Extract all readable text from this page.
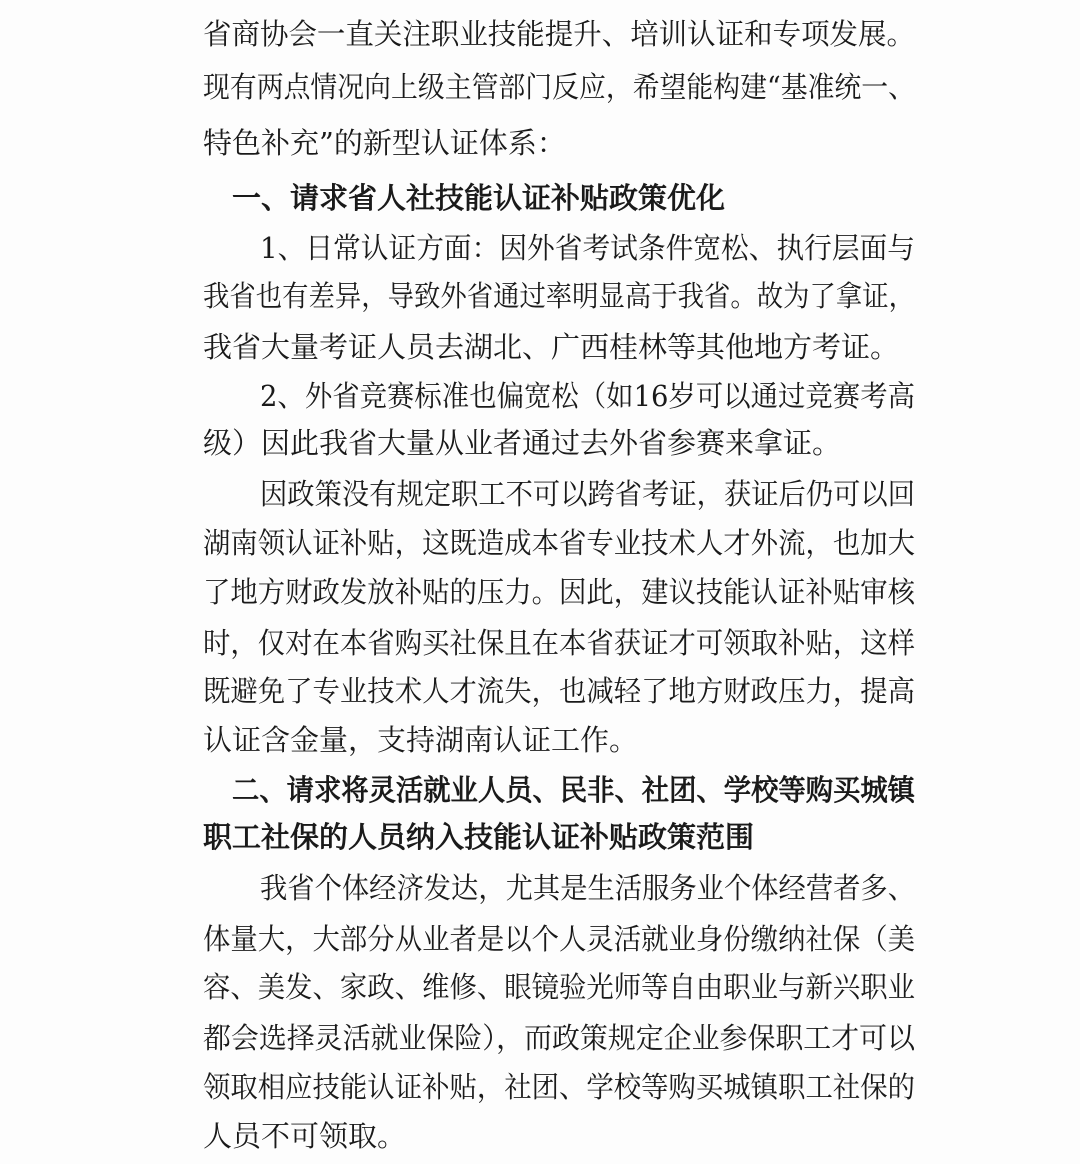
省商协会一直关注职业技能提升、培训认证和专项发展。
现有两点情况向上级主管部门反应，希望能构建“基准统一、
特色补充”的新型认证体系：
一、请求省人社技能认证补贴政策优化
1、日常认证方面：因外省考试条件宽松、执行层面与
我省也有差异，导致外省通过率明显高于我省。故为了拿证，
我省大量考证人员去湖北、广西桂林等其他地方考证。
2、外省竞赛标准也偏宽松（如16岁可以通过竞赛考高
级）因此我省大量从业者通过去外省参赛来拿证。
因政策没有规定职工不可以跨省考证，获证后仍可以回
湖南领认证补贴，这既造成本省专业技术人才外流，也加大
了地方财政发放补贴的压力。因此，建议技能认证补贴审核
时，仅对在本省购买社保且在本省获证才可领取补贴，这样
既避免了专业技术人才流失，也减轻了地方财政压力，提高
认证含金量，支持湖南认证工作。
二、请求将灵活就业人员、民非、社团、学校等购买城镇
职工社保的人员纳入技能认证补贴政策范围
我省个体经济发达，尤其是生活服务业个体经营者多、
体量大，大部分从业者是以个人灵活就业身份缴纳社保（美
容、美发、家政、维修、眼镜验光师等自由职业与新兴职业
都会选择灵活就业保险），而政策规定企业参保职工才可以
领取相应技能认证补贴，社团、学校等购买城镇职工社保的
人员不可领取。
